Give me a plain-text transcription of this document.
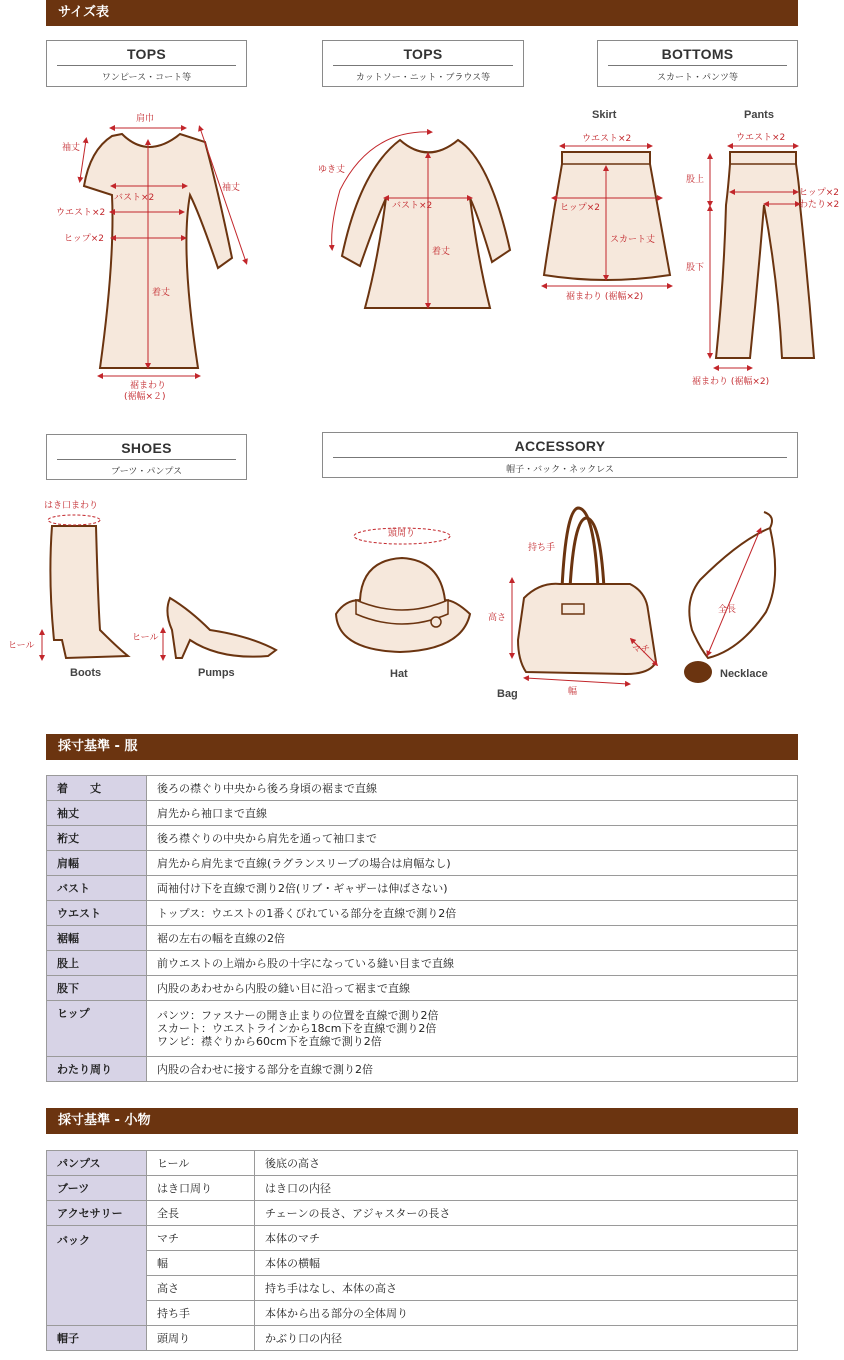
サイズ表
TOPS
ワンピース・コート等
TOPS
カットソー・ニット・ブラウス等
BOTTOMS
スカート・パンツ等
SHOES
ブーツ・パンプス
ACCESSORY
帽子・バック・ネックレス
肩巾
袖丈
袖丈
バスト×2
ウエスト×2
ヒップ×2
着丈
裾まわり
(裾幅×２)
ゆき丈
バスト×2
着丈
Skirt
ウエスト×2
ヒップ×2
スカート丈
裾まわり (裾幅×2)
Pants
ウエスト×2
股上
ヒップ×2
わたり×2
股下
裾まわり (裾幅×2)
はき口まわり
ヒール
Boots
ヒール
Pumps
頭周り
Hat
持ち手
高さ
マチ
幅
Bag
全長
Necklace
採寸基準 - 服
着　　丈	後ろの襟ぐり中央から後ろ身頃の裾まで直線
袖丈	肩先から袖口まで直線
裄丈	後ろ襟ぐりの中央から肩先を通って袖口まで
肩幅	肩先から肩先まで直線(ラグランスリーブの場合は肩幅なし)
バスト	両袖付け下を直線で測り2倍(リブ・ギャザーは伸ばさない)
ウエスト	トップス：ウエストの1番くびれている部分を直線で測り2倍
裾幅	裾の左右の幅を直線の2倍
股上	前ウエストの上端から股の十字になっている縫い目まで直線
股下	内股のあわせから内股の縫い目に沿って裾まで直線
ヒップ	パンツ：ファスナーの開き止まりの位置を直線で測り2倍
スカート：ウエストラインから18cm下を直線で測り2倍
ワンピ：襟ぐりから60cm下を直線で測り2倍

わたり周り	内股の合わせに接する部分を直線で測り2倍
採寸基準 - 小物
パンプス	ヒール	後底の高さ
ブーツ	はき口周り	はき口の内径
アクセサリー	全長	チェーンの長さ、アジャスターの長さ
バック	マチ	本体のマチ
	幅	本体の横幅
	高さ	持ち手はなし、本体の高さ
	持ち手	本体から出る部分の全体周り
帽子	頭周り	かぶり口の内径
